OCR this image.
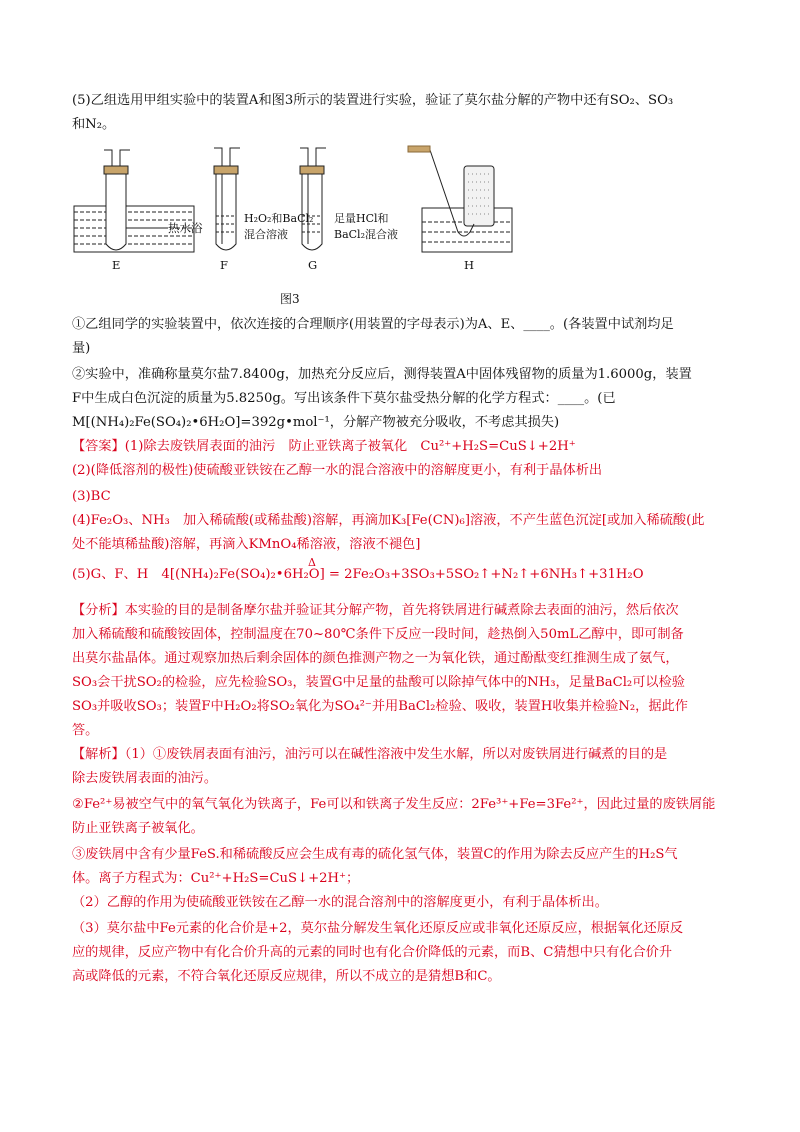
(5)乙组选用甲组实验中的装置A和图3所示的装置进行实验，验证了莫尔盐分解的产物中还有SO₂、SO₃
和N₂。
热水浴
H₂O₂和BaCl₂
混合溶液
足量HCl和
BaCl₂混合液
E	F	G	H
图3
①乙组同学的实验装置中，依次连接的合理顺序(用装置的字母表示)为A、E、____。(各装置中试剂均足
量)
②实验中，准确称量莫尔盐7.8400g，加热充分反应后，测得装置A中固体残留物的质量为1.6000g，装置
F中生成白色沉淀的质量为5.8250g。写出该条件下莫尔盐受热分解的化学方程式：____。(已
M[(NH₄)₂Fe(SO₄)₂•6H₂O]=392g•mol⁻¹，分解产物被充分吸收，不考虑其损失)
【答案】(1)除去废铁屑表面的油污　防止亚铁离子被氧化　Cu²⁺+H₂S=CuS↓+2H⁺
(2)(降低溶剂的极性)使硫酸亚铁铵在乙醇一水的混合溶液中的溶解度更小，有利于晶体析出
(3)BC
(4)Fe₂O₃、NH₃　加入稀硫酸(或稀盐酸)溶解，再滴加K₃[Fe(CN)₆]溶液，不产生蓝色沉淀[或加入稀硫酸(此
处不能填稀盐酸)溶解，再滴入KMnO₄稀溶液，溶液不褪色]
Δ
(5)G、F、H　4[(NH₄)₂Fe(SO₄)₂•6H₂O] = 2Fe₂O₃+3SO₃+5SO₂↑+N₂↑+6NH₃↑+31H₂O
【分析】本实验的目的是制备摩尔盐并验证其分解产物，首先将铁屑进行碱煮除去表面的油污，然后依次
加入稀硫酸和硫酸铵固体，控制温度在70~80℃条件下反应一段时间，趁热倒入50mL乙醇中，即可制备
出莫尔盐晶体。通过观察加热后剩余固体的颜色推测产物之一为氧化铁，通过酚酞变红推测生成了氨气，
SO₃会干扰SO₂的检验，应先检验SO₃，装置G中足量的盐酸可以除掉气体中的NH₃，足量BaCl₂可以检验
SO₃并吸收SO₃；装置F中H₂O₂将SO₂氧化为SO₄²⁻并用BaCl₂检验、吸收，装置H收集并检验N₂，据此作
答。
【解析】（1）①废铁屑表面有油污，油污可以在碱性溶液中发生水解，所以对废铁屑进行碱煮的目的是
除去废铁屑表面的油污。
②Fe²⁺易被空气中的氧气氧化为铁离子，Fe可以和铁离子发生反应：2Fe³⁺+Fe=3Fe²⁺，因此过量的废铁屑能
防止亚铁离子被氧化。
③废铁屑中含有少量FeS.和稀硫酸反应会生成有毒的硫化氢气体，装置C的作用为除去反应产生的H₂S气
体。离子方程式为：Cu²⁺+H₂S=CuS↓+2H⁺；
（2）乙醇的作用为使硫酸亚铁铵在乙醇一水的混合溶剂中的溶解度更小，有利于晶体析出。
（3）莫尔盐中Fe元素的化合价是+2，莫尔盐分解发生氧化还原反应或非氧化还原反应，根据氧化还原反
应的规律，反应产物中有化合价升高的元素的同时也有化合价降低的元素，而B、C猜想中只有化合价升
高或降低的元素，不符合氧化还原反应规律，所以不成立的是猜想B和C。
